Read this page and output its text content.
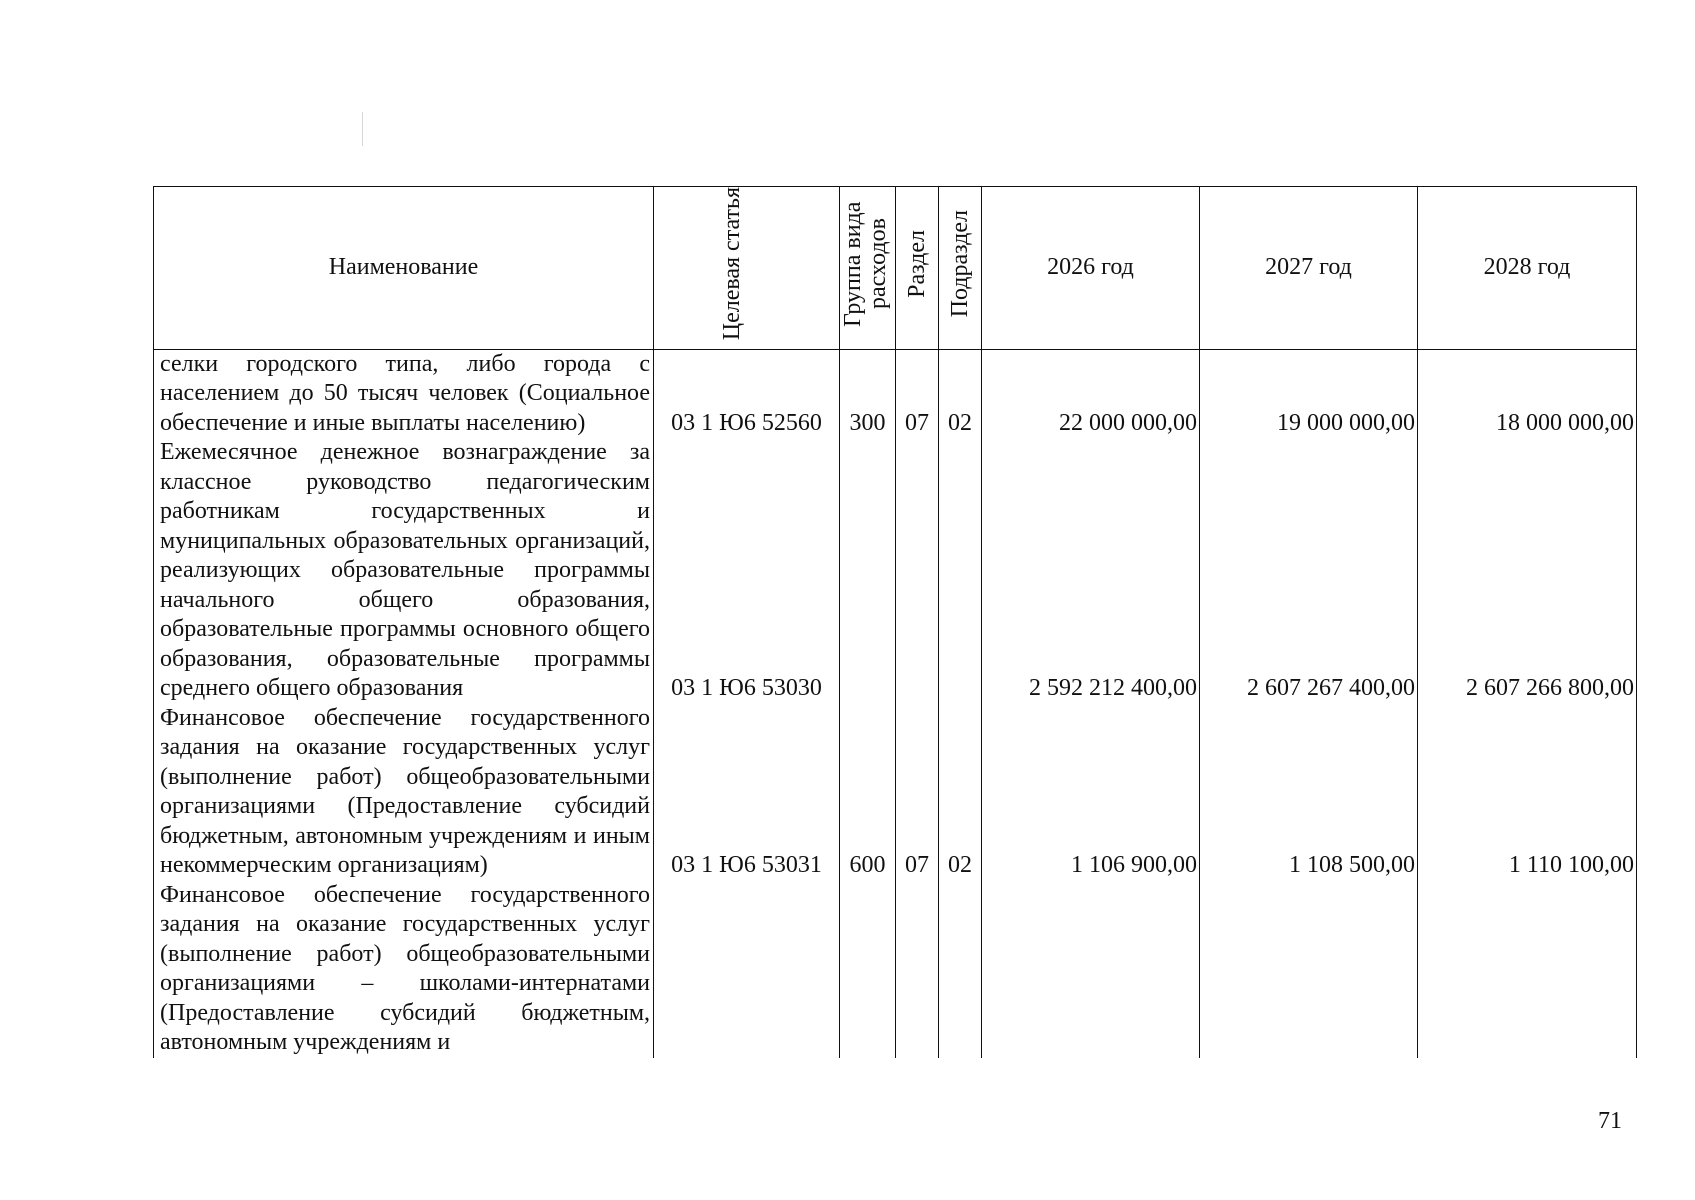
Наименование	Целевая статья	Группа вида расходов	Раздел	Подраздел	2026 год	2027 год	2028 год
селки городского типа, либо города с населением до 50 тысяч человек (Социальное обеспечение и иные выплаты населению)	03 1 Ю6 52560	300	07	02	22 000 000,00	19 000 000,00	18 000 000,00
Ежемесячное денежное вознаграждение за классное руководство педагогическим работникам государственных и муниципальных образовательных организаций, реализующих образовательные программы начального общего образования, образовательные программы основного общего образования, образовательные программы среднего общего образования	03 1 Ю6 53030				2 592 212 400,00	2 607 267 400,00	2 607 266 800,00
Финансовое обеспечение государственного задания на оказание государственных услуг (выполнение работ) общеобразовательными организациями (Предоставление субсидий бюджетным, автономным учреждениям и иным некоммерческим организациям)	03 1 Ю6 53031	600	07	02	1 106 900,00	1 108 500,00	1 110 100,00
Финансовое обеспечение государственного задания на оказание государственных услуг (выполнение работ) общеобразовательными организациями – школами-интернатами (Предоставление субсидий бюджетным, автономным учреждениям и							
71
